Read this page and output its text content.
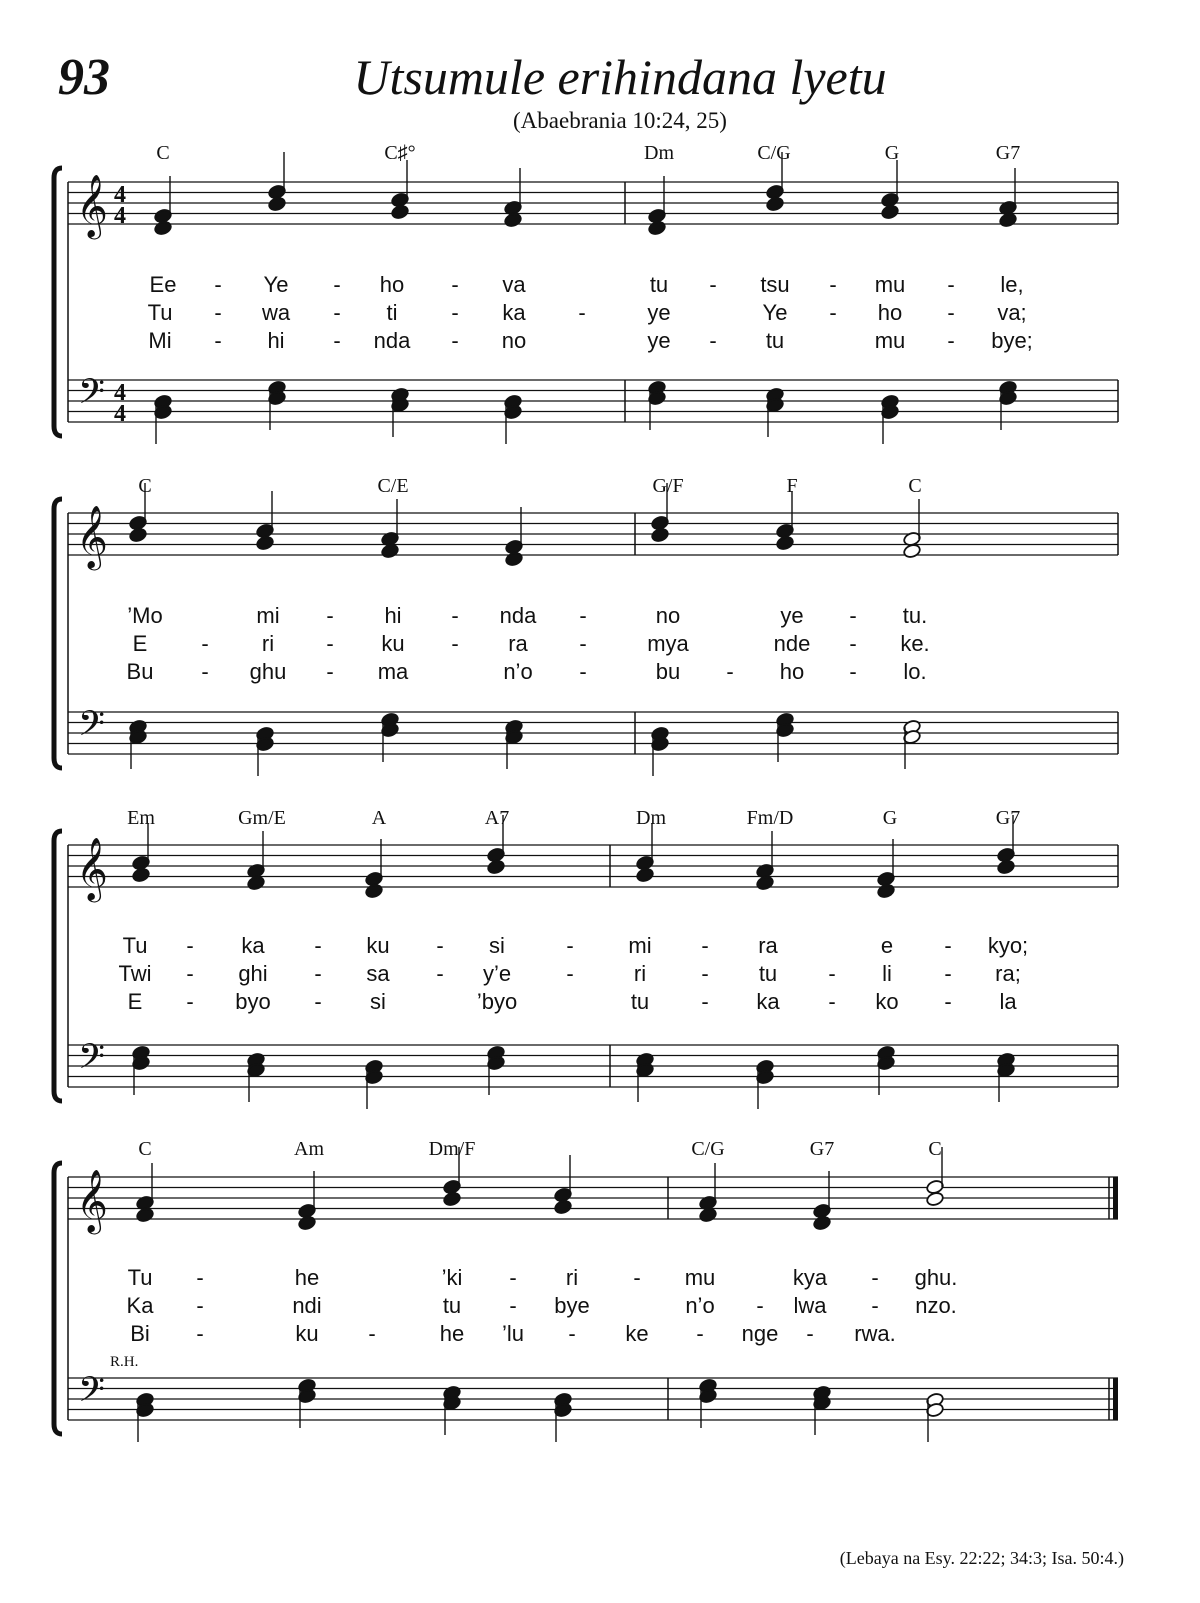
93	Utsumule erihindana lyetu
(Abaebrania 10:24, 25)
𝄞
𝄢
4
4
4
4
𝄞
𝄢
𝄞
𝄢
𝄞
𝄢
C	C♯°	Dm	C/G	G	G7
Ee - Ye - ho - va	tu - tsu - mu - le,
Tu - wa - ti - ka -	ye	Ye - ho - va;
Mi - hi - nda - no	ye - tu	mu - bye;
C	C/E	G/F	F	C
’Mo	mi - hi - nda -	no	ye - tu.
E - ri - ku - ra -	mya	nde - ke.
Bu - ghu - ma	n’o -	bu - ho - lo.
Em	Gm/E	A	A7	Dm	Fm/D	G	G7
Tu - ka - ku - si	- mi - ra	e - kyo;
Twi - ghi - sa - y’e	-	ri	- tu - li - ra;
E - byo - si	’byo	tu - ka - ko - la
C	Am	Dm/F	C/G	G7	C
Tu -	he	’ki - ri	- mu	kya - ghu.
Ka -	ndi	tu - bye	n’o - lwa - nzo.
Bi -	ku -	he ’lu - ke - nge - rwa.
R.H.
(Lebaya na Esy. 22:22; 34:3; Isa. 50:4.)
